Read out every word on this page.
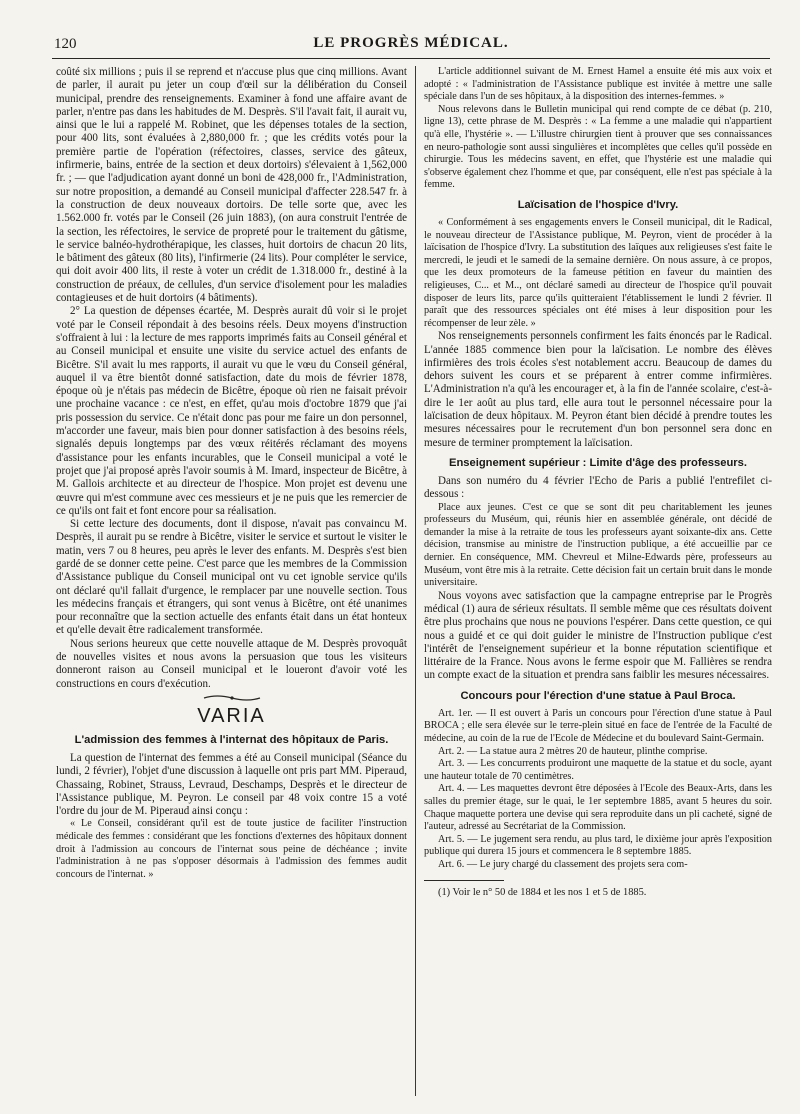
120	LE PROGRÈS MÉDICAL.

coûté six millions ; puis il se reprend et n'accuse plus que cinq millions. Avant de parler, il aurait pu jeter un coup d'œil sur la délibération du Conseil municipal, prendre des renseignements. Examiner à fond une affaire avant de parler, n'entre pas dans les habitudes de M. Desprès. S'il l'avait fait, il aurait vu, ainsi que le lui a rappelé M. Robinet, que les dépenses totales de la section, pour 400 lits, sont évaluées à 2,880,000 fr. ; que les crédits votés pour la première partie de l'opération (réfectoires, classes, service des gâteux, infirmerie, bains, entrée de la section et deux dortoirs) s'élevaient à 1,562,000 fr. ; — que l'adjudication ayant donné un boni de 428,000 fr., l'Administration, sur notre proposition, a demandé au Conseil municipal d'affecter 228.547 fr. à la construction de deux nouveaux dortoirs. De telle sorte que, avec les 1.562.000 fr. votés par le Conseil (26 juin 1883), (on aura construit l'entrée de la section, les réfectoires, le service de propreté pour le traitement du gâtisme, le service balnéo-hydrothérapique, les classes, huit dortoirs de chacun 20 lits, le bâtiment des gâteux (80 lits), l'infirmerie (24 lits). Pour compléter le service, qui doit avoir 400 lits, il reste à voter un crédit de 1.318.000 fr., destiné à la construction de préaux, de cellules, d'un service d'isolement pour les maladies contagieuses et de huit dortoirs (4 bâtiments).

2° La question de dépenses écartée, M. Desprès aurait dû voir si le projet voté par le Conseil répondait à des besoins réels. Deux moyens d'instruction s'offraient à lui : la lecture de mes rapports imprimés faits au Conseil général et au Conseil municipal et ensuite une visite du service actuel des enfants de Bicêtre. S'il avait lu mes rapports, il aurait vu que le vœu du Conseil général, auquel il va être bientôt donné satisfaction, date du mois de février 1878, époque où je n'étais pas médecin de Bicêtre, époque où rien ne faisait prévoir une prochaine vacance : ce n'est, en effet, qu'au mois d'octobre 1879 que j'ai pris possession du service. Ce n'était donc pas pour me faire un don personnel, m'accorder une faveur, mais bien pour donner satisfaction à des besoins réels, signalés depuis longtemps par des vœux réitérés réclamant des moyens d'assistance pour les enfants incurables, que le Conseil municipal a voté le projet que j'ai proposé après l'avoir soumis à M. Imard, inspecteur de Bicêtre, à M. Gallois architecte et au directeur de l'hospice. Mon projet est devenu une œuvre qui m'est commune avec ces messieurs et je ne puis que les remercier de ce qu'ils ont fait et font encore pour sa réalisation.

Si cette lecture des documents, dont il dispose, n'avait pas convaincu M. Desprès, il aurait pu se rendre à Bicêtre, visiter le service et surtout le visiter le matin, vers 7 ou 8 heures, peu après le lever des enfants. M. Desprès s'est bien gardé de se donner cette peine. C'est parce que les membres de la Commission d'Assistance publique du Conseil municipal ont vu cet ignoble service qu'ils ont déclaré qu'il fallait d'urgence, le remplacer par une nouvelle section. Tous les médecins français et étrangers, qui sont venus à Bicêtre, ont été unanimes pour reconnaître que la section actuelle des enfants était dans un état honteux et qu'elle devait être radicalement transformée.

Nous serions heureux que cette nouvelle attaque de M. Desprès provoquât de nouvelles visites et nous avons la persuasion que tous les visiteurs donneront raison au Conseil municipal et le loueront d'avoir voté les constructions en cours d'exécution.

VARIA
L'admission des femmes à l'internat des hôpitaux de Paris.

La question de l'internat des femmes a été au Conseil municipal (Séance du lundi, 2 février), l'objet d'une discussion à laquelle ont pris part MM. Piperaud, Chassaing, Robinet, Strauss, Levraud, Deschamps, Desprès et le directeur de l'Assistance publique, M. Peyron. Le conseil par 48 voix contre 15 a voté l'ordre du jour de M. Piperaud ainsi conçu :

« Le Conseil, considérant qu'il est de toute justice de faciliter l'instruction médicale des femmes : considérant que les fonctions d'externes des hôpitaux donnent droit à l'admission au concours de l'internat sous peine de déchéance ; invite l'administration à ne pas s'opposer désormais à l'admission des femmes audit concours de l'internat. »

L'article additionnel suivant de M. Ernest Hamel a ensuite été mis aux voix et adopté : « l'administration de l'Assistance publique est invitée à mettre une salle spéciale dans l'un de ses hôpitaux, à la disposition des internes-femmes. »

Nous relevons dans le Bulletin municipal qui rend compte de ce débat (p. 210, ligne 13), cette phrase de M. Desprès : « La femme a une maladie qui n'appartient qu'à elle, l'hystérie ». — L'illustre chirurgien tient à prouver que ses connaissances en neuro-pathologie sont aussi singulières et incomplètes que celles qu'il possède en chirurgie. Tous les médecins savent, en effet, que l'hystérie est une maladie qui s'observe également chez l'homme et que, par conséquent, elle n'est pas spéciale à la femme.

Laïcisation de l'hospice d'Ivry.

« Conformément à ses engagements envers le Conseil municipal, dit le Radical, le nouveau directeur de l'Assistance publique, M. Peyron, vient de procéder à la laïcisation de l'hospice d'Ivry. La substitution des laïques aux religieuses s'est faite le mercredi, le jeudi et le samedi de la semaine dernière. On nous assure, à ce propos, que les deux promoteurs de la fameuse pétition en faveur du maintien des religieuses, C... et M.., ont déclaré samedi au directeur de l'hospice qu'il pouvait disposer de leurs lits, parce qu'ils quitteraient l'établissement le lundi 2 février. Il paraît que des ressources spéciales ont été mises à leur disposition pour les récompenser de leur zèle. »

Nos renseignements personnels confirment les faits énoncés par le Radical. L'année 1885 commence bien pour la laïcisation. Le nombre des élèves infirmières des trois écoles s'est notablement accru. Beaucoup de dames du dehors suivent les cours et se préparent à entrer comme infirmières. L'Administration n'a qu'à les encourager et, à la fin de l'année scolaire, c'est-à-dire le 1er août au plus tard, elle aura tout le personnel nécessaire pour la laïcisation de deux hôpitaux. M. Peyron étant bien décidé à prendre toutes les mesures nécessaires pour le recrutement d'un bon personnel sera donc en mesure de terminer promptement la laïcisation.

Enseignement supérieur : Limite d'âge des professeurs.

Dans son numéro du 4 février l'Echo de Paris a publié l'entrefilet ci-dessous :

Place aux jeunes. C'est ce que se sont dit peu charitablement les jeunes professeurs du Muséum, qui, réunis hier en assemblée générale, ont décidé de demander la mise à la retraite de tous les professeurs ayant soixante-dix ans. Cette décision, transmise au ministre de l'instruction publique, a été accueillie par ce dernier. En conséquence, MM. Chevreul et Milne-Edwards père, professeurs au Muséum, vont être mis à la retraite. Cette décision fait un certain bruit dans le monde universitaire.

Nous voyons avec satisfaction que la campagne entreprise par le Progrès médical (1) aura de sérieux résultats. Il semble même que ces résultats doivent être plus prochains que nous ne pouvions l'espérer. Dans cette question, ce qui nous a guidé et ce qui doit guider le ministre de l'Instruction publique c'est l'intérêt de l'enseignement supérieur et la bonne réputation scientifique et littéraire de la France. Nous avons le ferme espoir que M. Fallières se rendra un compte exact de la situation et prendra sans faiblir les mesures nécessaires.

Concours pour l'érection d'une statue à Paul Broca.

Art. 1er. — Il est ouvert à Paris un concours pour l'érection d'une statue à Paul BROCA ; elle sera élevée sur le terre-plein situé en face de l'entrée de la Faculté de médecine, au coin de la rue de l'Ecole de Médecine et du boulevard Saint-Germain.

Art. 2. — La statue aura 2 mètres 20 de hauteur, plinthe comprise.

Art. 3. — Les concurrents produiront une maquette de la statue et du socle, ayant une hauteur totale de 70 centimètres.

Art. 4. — Les maquettes devront être déposées à l'Ecole des Beaux-Arts, dans les salles du premier étage, sur le quai, le 1er septembre 1885, avant 5 heures du soir. Chaque maquette portera une devise qui sera reproduite dans un pli cacheté, signé de l'auteur, adressé au Secrétariat de la Commission.

Art. 5. — Le jugement sera rendu, au plus tard, le dixième jour après l'exposition publique qui durera 15 jours et commencera le 8 septembre 1885.

Art. 6. — Le jury chargé du classement des projets sera com-

(1) Voir le n° 50 de 1884 et les nos 1 et 5 de 1885.
